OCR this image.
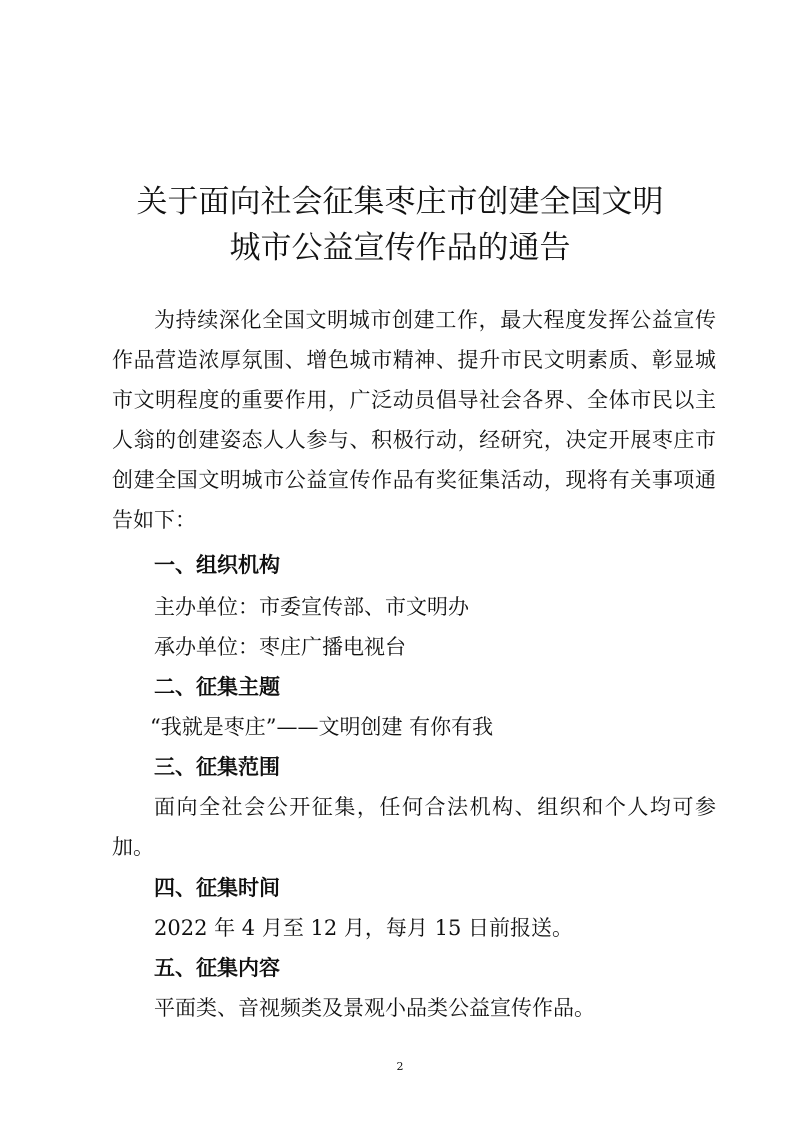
关于面向社会征集枣庄市创建全国文明
城市公益宣传作品的通告

为持续深化全国文明城市创建工作，最大程度发挥公益宣传作品营造浓厚氛围、增色城市精神、提升市民文明素质、彰显城市文明程度的重要作用，广泛动员倡导社会各界、全体市民以主人翁的创建姿态人人参与、积极行动，经研究，决定开展枣庄市创建全国文明城市公益宣传作品有奖征集活动，现将有关事项通告如下：

一、组织机构

主办单位：市委宣传部、市文明办

承办单位：枣庄广播电视台

二、征集主题

“我就是枣庄”——文明创建 有你有我

三、征集范围

面向全社会公开征集，任何合法机构、组织和个人均可参加。

四、征集时间

2022 年 4 月至 12 月，每月 15 日前报送。

五、征集内容

平面类、音视频类及景观小品类公益宣传作品。

2
